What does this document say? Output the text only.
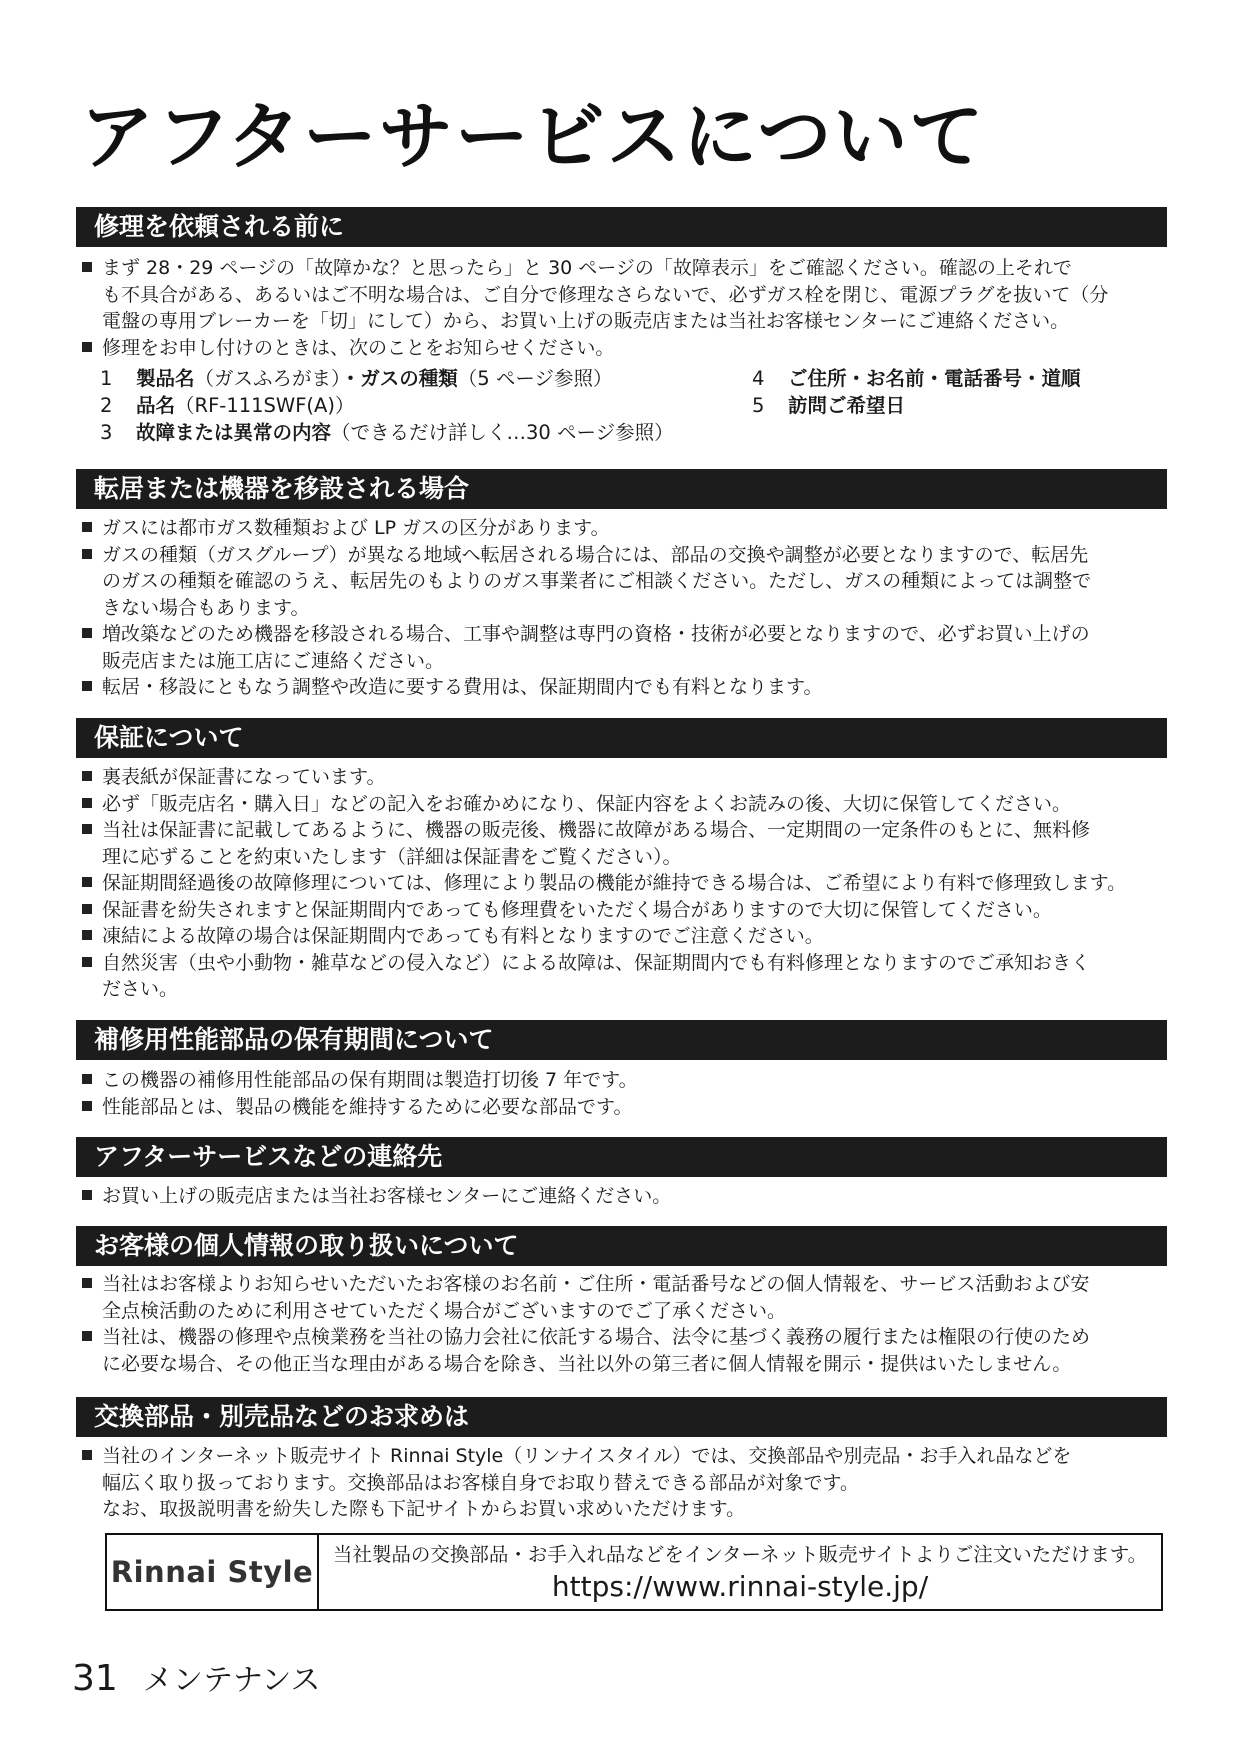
アフターサービスについて
修理を依頼される前に

まず 28・29 ページの「故障かな？と思ったら」と 30 ページの「故障表示」をご確認ください。確認の上それで
も不具合がある、あるいはご不明な場合は、ご自分で修理なさらないで、必ずガス栓を閉じ、電源プラグを抜いて（分
電盤の専用ブレーカーを「切」にして）から、お買い上げの販売店または当社お客様センターにご連絡ください。

修理をお申し付けのときは、次のことをお知らせください。

1 製品名（ガスふろがま）・ガスの種類（5 ページ参照）
2 品名（RF-111SWF(A)）
3 故障または異常の内容（できるだけ詳しく…30 ページ参照）
4 ご住所・お名前・電話番号・道順
5 訪問ご希望日
転居または機器を移設される場合

ガスには都市ガス数種類および LP ガスの区分があります。

ガスの種類（ガスグループ）が異なる地域へ転居される場合には、部品の交換や調整が必要となりますので、転居先
のガスの種類を確認のうえ、転居先のもよりのガス事業者にご相談ください。ただし、ガスの種類によっては調整で
きない場合もあります。

増改築などのため機器を移設される場合、工事や調整は専門の資格・技術が必要となりますので、必ずお買い上げの
販売店または施工店にご連絡ください。

転居・移設にともなう調整や改造に要する費用は、保証期間内でも有料となります。

保証について

裏表紙が保証書になっています。

必ず「販売店名・購入日」などの記入をお確かめになり、保証内容をよくお読みの後、大切に保管してください。

当社は保証書に記載してあるように、機器の販売後、機器に故障がある場合、一定期間の一定条件のもとに、無料修
理に応ずることを約束いたします（詳細は保証書をご覧ください）。

保証期間経過後の故障修理については、修理により製品の機能が維持できる場合は、ご希望により有料で修理致します。

保証書を紛失されますと保証期間内であっても修理費をいただく場合がありますので大切に保管してください。

凍結による故障の場合は保証期間内であっても有料となりますのでご注意ください。

自然災害（虫や小動物・雑草などの侵入など）による故障は、保証期間内でも有料修理となりますのでご承知おきく
ださい。

補修用性能部品の保有期間について

この機器の補修用性能部品の保有期間は製造打切後 7 年です。

性能部品とは、製品の機能を維持するために必要な部品です。

アフターサービスなどの連絡先

お買い上げの販売店または当社お客様センターにご連絡ください。

お客様の個人情報の取り扱いについて

当社はお客様よりお知らせいただいたお客様のお名前・ご住所・電話番号などの個人情報を、サービス活動および安
全点検活動のために利用させていただく場合がございますのでご了承ください。

当社は、機器の修理や点検業務を当社の協力会社に依託する場合、法令に基づく義務の履行または権限の行使のため
に必要な場合、その他正当な理由がある場合を除き、当社以外の第三者に個人情報を開示・提供はいたしません。

交換部品・別売品などのお求めは

当社のインターネット販売サイト Rinnai Style（リンナイスタイル）では、交換部品や別売品・お手入れ品などを
幅広く取り扱っております。交換部品はお客様自身でお取り替えできる部品が対象です。
なお、取扱説明書を紛失した際も下記サイトからお買い求めいただけます。

Rinnai Style
当社製品の交換部品・お手入れ品などをインターネット販売サイトよりご注文いただけます。
https://www.rinnai-style.jp/
31 メンテナンス
